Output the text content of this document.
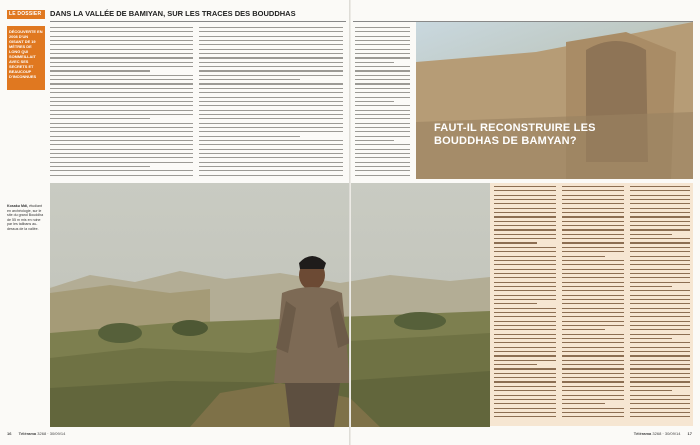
LE DOSSIER	DANS LA VALLÉE DE BAMIYAN, SUR LES TRACES DES BOUDDHAS
DÉCOUVERTE EN 2008 D'UN GISANT DE 19 MÈTRES DE LONG QUI SOMMEILLAIT AVEC SES SECRETS ET BEAUCOUP D'INCONNUES
Kosaku Mdi, étudiant en archéologie, sur le site du grand Bouddha de 55 m mis en ruine par les talibans au-dessus de la vallée.
FAUT-IL RECONSTRUIRE LES BOUDDHAS DE BAMYAN?
16 Télérama 3268 · 30/09/14	Télérama 3268 · 30/09/14 17
